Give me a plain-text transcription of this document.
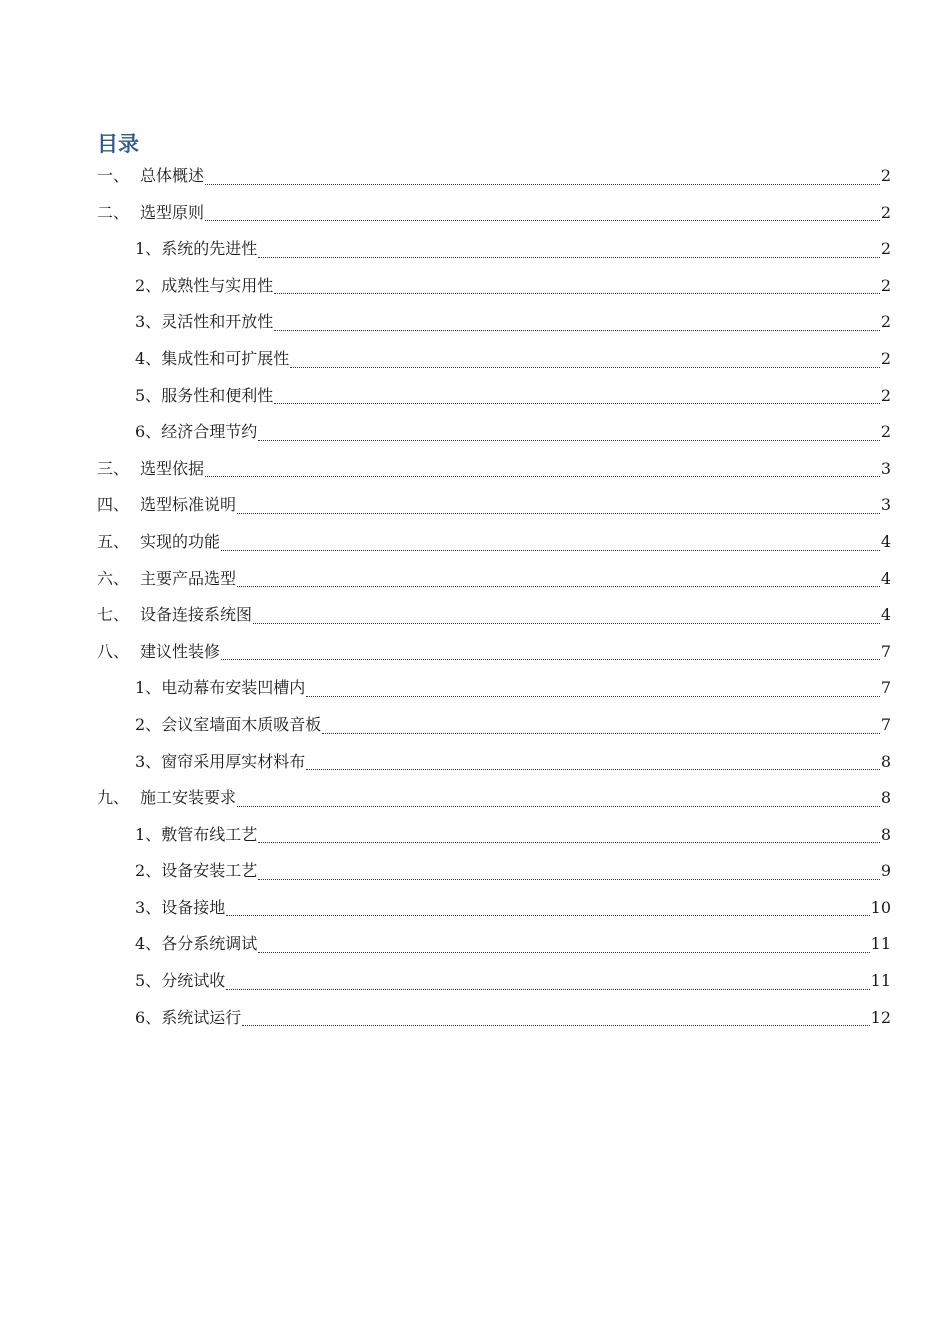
目录
一、 总体概述	2
二、 选型原则	2
1、 系统的先进性	2
2、 成熟性与实用性	2
3、 灵活性和开放性	2
4、 集成性和可扩展性	2
5、 服务性和便利性	2
6、 经济合理节约	2
三、 选型依据	3
四、 选型标准说明	3
五、 实现的功能	4
六、 主要产品选型	4
七、 设备连接系统图	4
八、 建议性装修	7
1、 电动幕布安装凹槽内	7
2、 会议室墙面木质吸音板	7
3、 窗帘采用厚实材料布	8
九、 施工安装要求	8
1、 敷管布线工艺	8
2、 设备安装工艺	9
3、 设备接地	10
4、 各分系统调试	11
5、 分统试收	11
6、 系统试运行	12
